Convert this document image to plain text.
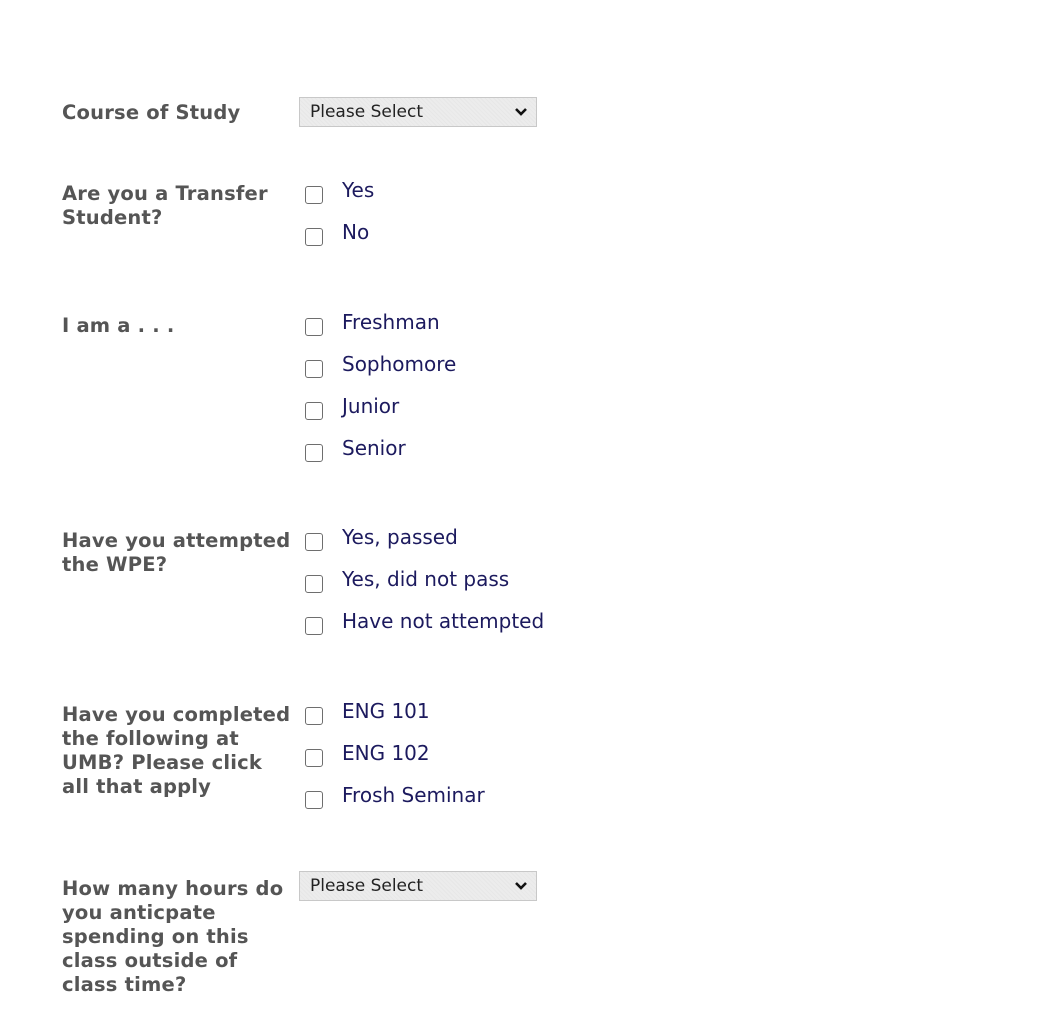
Course of Study	Please Select
Are you a Transfer Student?
Yes
No
I am a . . .	Freshman
Sophomore
Junior
Senior
Have you attempted the WPE?
Yes, passed
Yes, did not pass
Have not attempted
Have you completed the following at UMB? Please click all that apply
ENG 101
ENG 102
Frosh Seminar
How many hours do you anticpate spending on this class outside of class time?
Please Select
